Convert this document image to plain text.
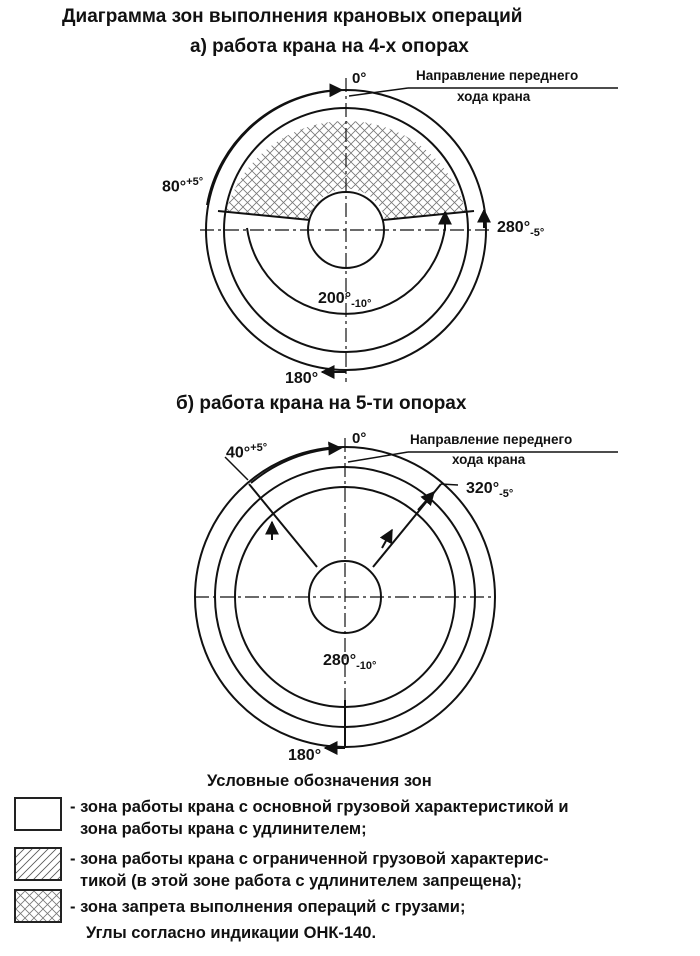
Диаграмма зон выполнения крановых операций
а) работа крана на 4-х опорах
0°	Направление переднего
хода крана
80°$^{+5^\circ}$
$280^\circ_{-5^\circ}$
$200^\circ_{-10^\circ}$
180°
б) работа крана на 5-ти опорах
0°	Направление переднего
хода крана
40°$^{+5^\circ}$
$320^\circ_{-5^\circ}$
$280^\circ_{-10^\circ}$
180°
Условные обозначения зон
- зона работы крана с основной грузовой характеристикой и
зона работы крана с удлинителем;
- зона работы крана с ограниченной грузовой характерис-
тикой (в этой зоне работа с удлинителем запрещена);
- зона запрета выполнения операций с грузами;
Углы согласно индикации ОНК-140.
